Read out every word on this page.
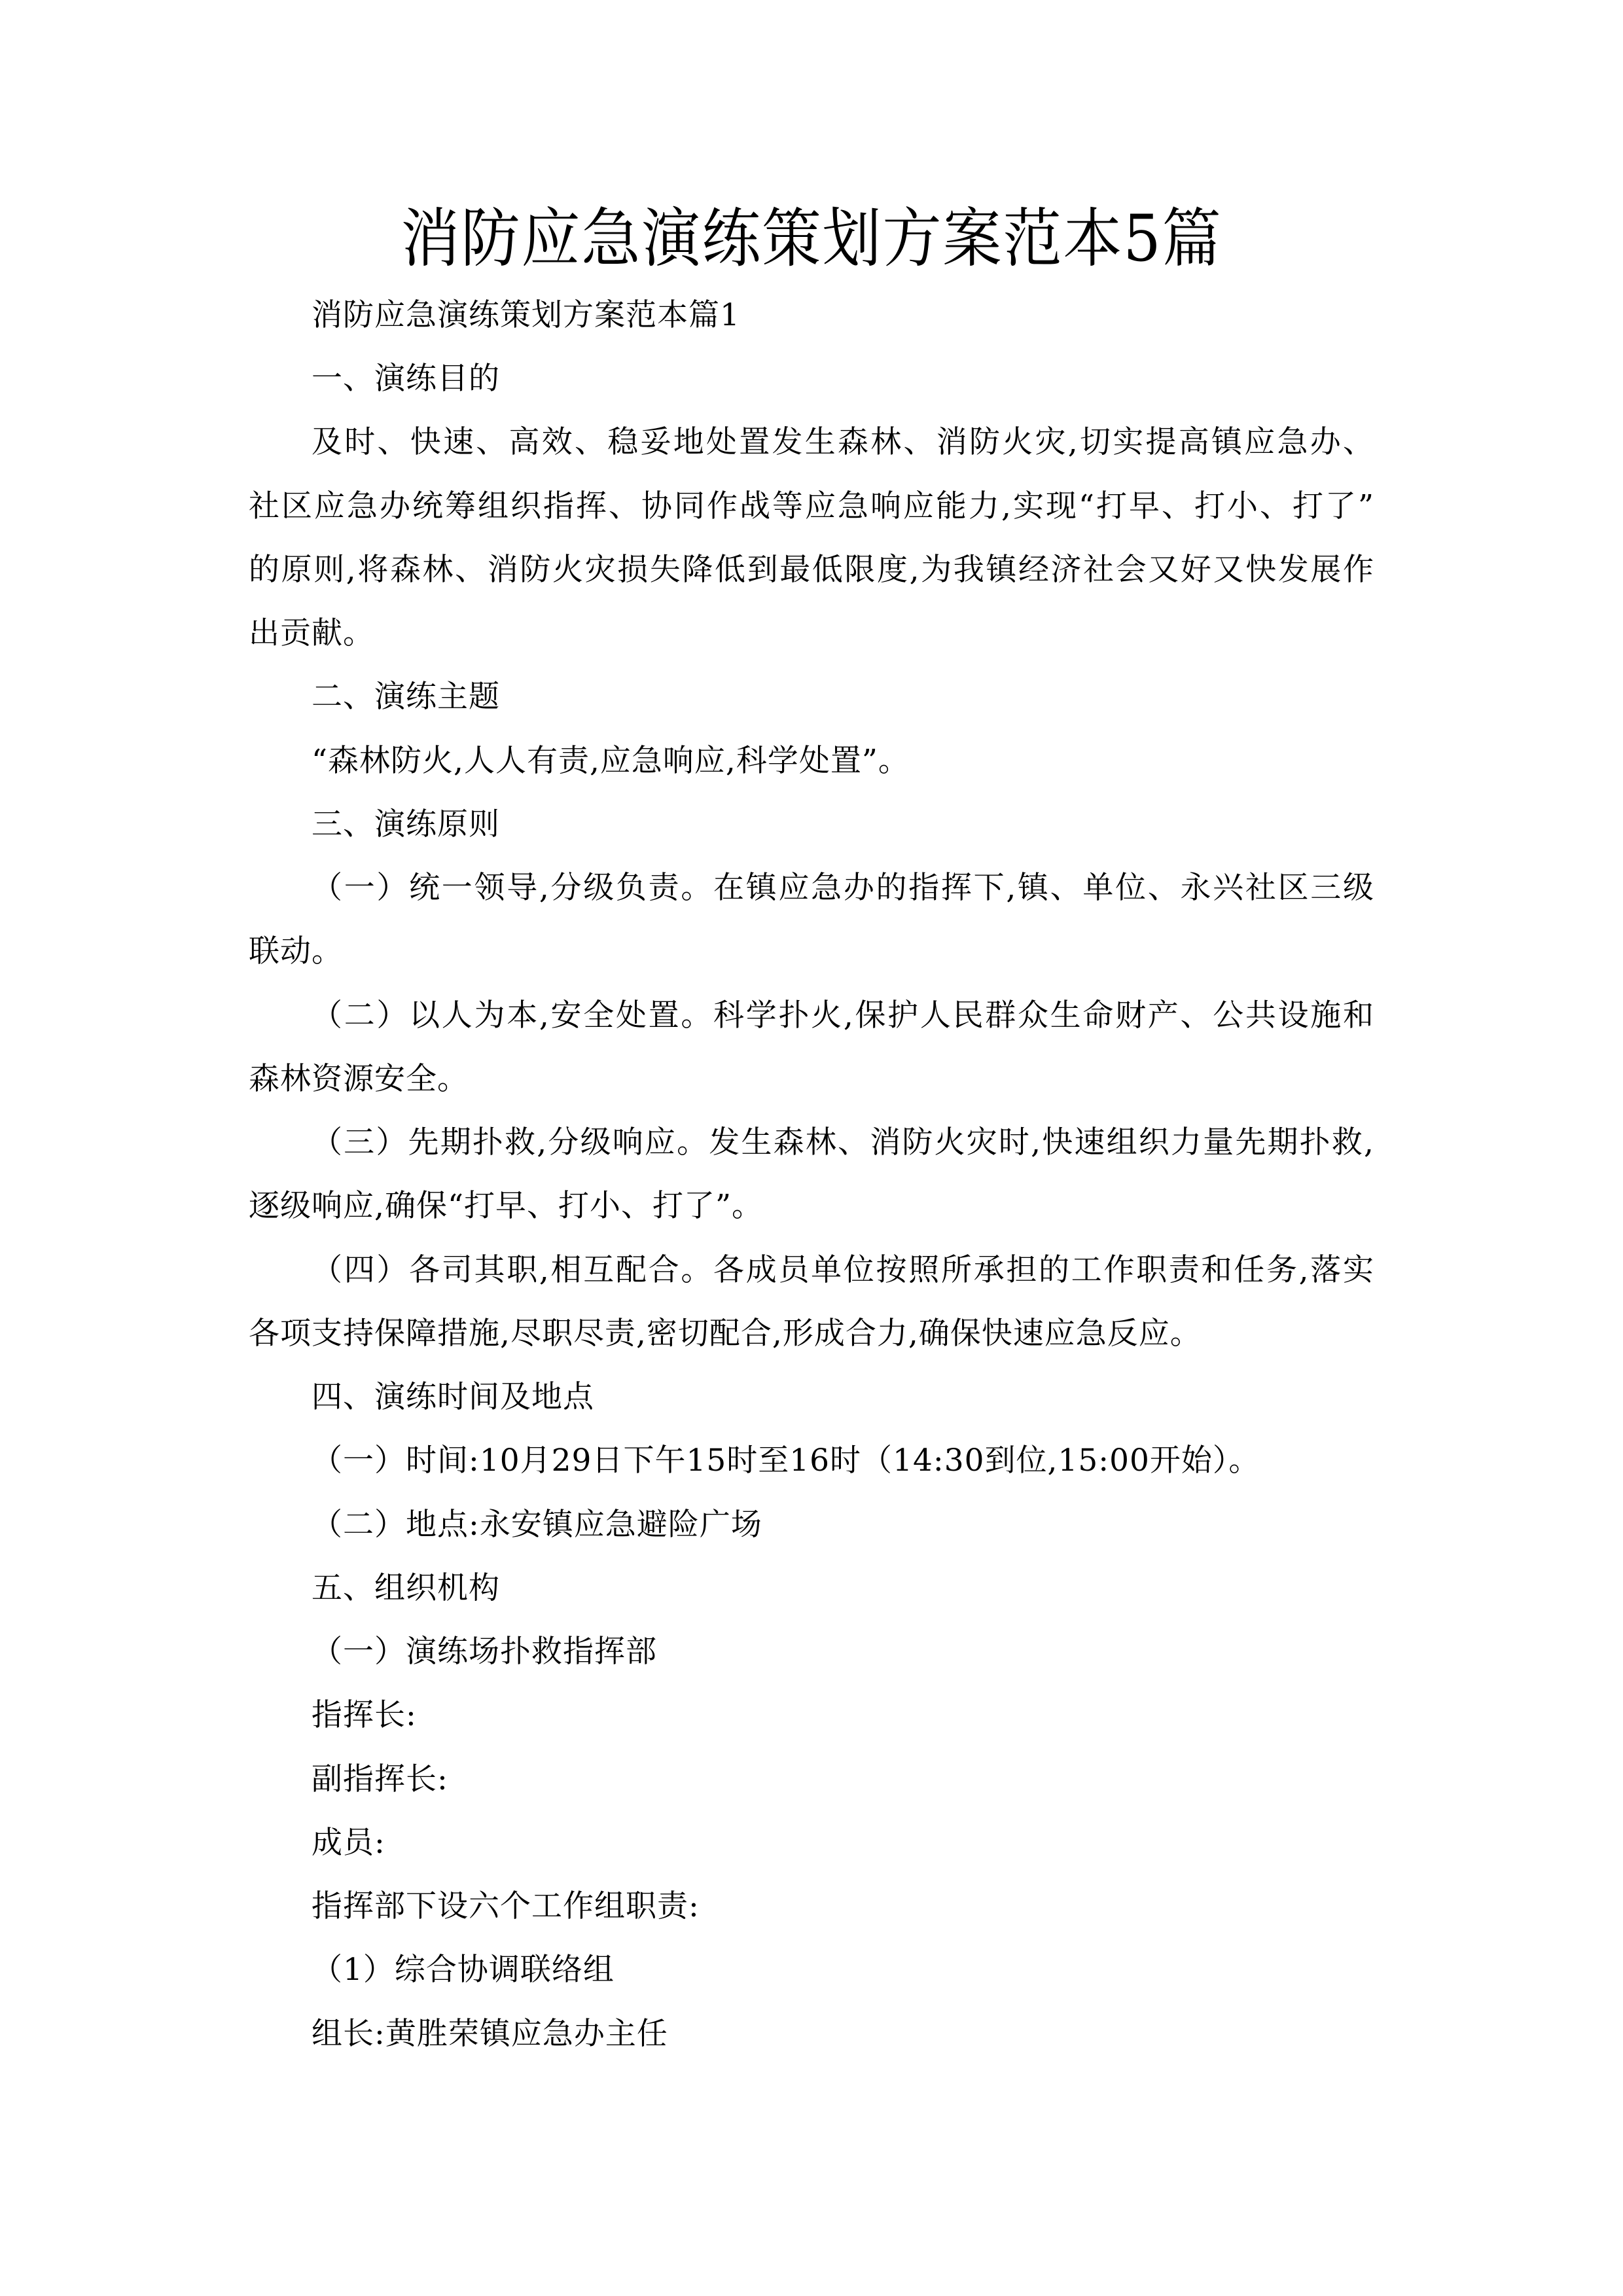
消防应急演练策划方案范本5篇
消防应急演练策划方案范本篇1
一、演练目的
及时、快速、高效、稳妥地处置发生森林、消防火灾,切实提高镇应急办、
社区应急办统筹组织指挥、协同作战等应急响应能力,实现“打早、打小、打了”
的原则,将森林、消防火灾损失降低到最低限度,为我镇经济社会又好又快发展作
出贡献。
二、演练主题
“森林防火,人人有责,应急响应,科学处置”。
三、演练原则
（一）统一领导,分级负责。在镇应急办的指挥下,镇、单位、永兴社区三级
联动。
（二）以人为本,安全处置。科学扑火,保护人民群众生命财产、公共设施和
森林资源安全。
（三）先期扑救,分级响应。发生森林、消防火灾时,快速组织力量先期扑救,
逐级响应,确保“打早、打小、打了”。
（四）各司其职,相互配合。各成员单位按照所承担的工作职责和任务,落实
各项支持保障措施,尽职尽责,密切配合,形成合力,确保快速应急反应。
四、演练时间及地点
（一）时间:10月29日下午15时至16时（14:30到位,15:00开始）。
（二）地点:永安镇应急避险广场
五、组织机构
（一）演练场扑救指挥部
指挥长:
副指挥长:
成员:
指挥部下设六个工作组职责:
（1）综合协调联络组
组长:黄胜荣镇应急办主任
